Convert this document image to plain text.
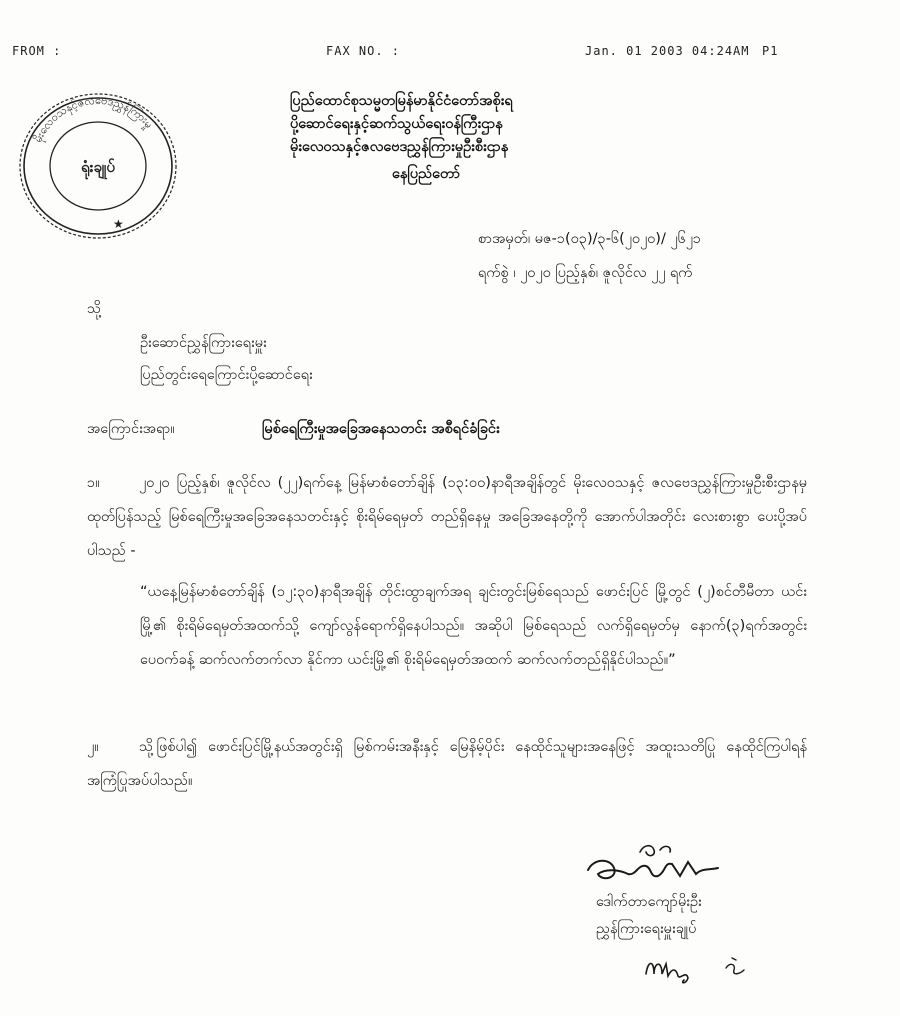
FROM :	FAX NO. :	Jan. 01 2003 04:24AM P1
မိုးလေဝသနှင့်ဇလဗေဒညွှန်ကြားမှု
ရုံးချုပ်
★
ပြည်ထောင်စုသမ္မတမြန်မာနိုင်ငံတော်အစိုးရ
ပို့ဆောင်ရေးနှင့်ဆက်သွယ်ရေးဝန်ကြီးဌာန
မိုးလေဝသနှင့်ဇလဗေဒညွှန်ကြားမှုဦးစီးဌာန
နေပြည်တော်
စာအမှတ်၊ မဇ-၁(၀၃)/၃-၆(၂၀၂၀)/ ၂၆၂၁
ရက်စွဲ ၊ ၂၀၂၀ ပြည့်နှစ်၊ ဇူလိုင်လ ၂၂ ရက်
သို့
ဦးဆောင်ညွှန်ကြားရေးမှူး
ပြည်တွင်းရေကြောင်းပို့ဆောင်ရေး
အကြောင်းအရာ။	မြစ်ရေကြီးမှုအခြေအနေသတင်း အစီရင်ခံခြင်း
၁။	၂၀၂၀ ပြည့်နှစ်၊ ဇူလိုင်လ (၂၂)ရက်နေ့ မြန်မာစံတော်ချိန် (၁၃:၀၀)နာရီအချိန်တွင် မိုးလေဝသနှင့် ဇလဗေဒညွှန်ကြားမှုဦးစီးဌာနမှ ထုတ်ပြန်သည့် မြစ်ရေကြီးမှုအခြေအနေသတင်းနှင့် စိုးရိမ်ရေမှတ် တည်ရှိနေမှု အခြေအနေတို့ကို အောက်ပါအတိုင်း လေးစားစွာ ပေးပို့အပ်ပါသည် -
“ယနေ့မြန်မာစံတော်ချိန် (၁၂:၃၀)နာရီအချိန် တိုင်းထွာချက်အရ ချင်းတွင်းမြစ်ရေသည် ဖောင်းပြင် မြို့တွင် (၂)စင်တီမီတာ ယင်းမြို့၏ စိုးရိမ်ရေမှတ်အထက်သို့ ကျော်လွန်ရောက်ရှိနေပါသည်။ အဆိုပါ မြစ်ရေသည် လက်ရှိရေမှတ်မှ နောက်(၃)ရက်အတွင်း ပေ၀က်ခန့် ဆက်လက်တက်လာ နိုင်ကာ ယင်းမြို့၏ စိုးရိမ်ရေမှတ်အထက် ဆက်လက်တည်ရှိနိုင်ပါသည်။”
၂။	သို့ဖြစ်ပါ၍ ဖောင်းပြင်မြို့နယ်အတွင်းရှိ မြစ်ကမ်းအနီးနှင့် မြေနိမ့်ပိုင်း နေထိုင်သူများအနေဖြင့် အထူးသတိပြု နေထိုင်ကြပါရန် အကြံပြုအပ်ပါသည်။
ဒေါက်တာကျော်မိုးဦး
ညွှန်ကြားရေးမှူးချုပ်
